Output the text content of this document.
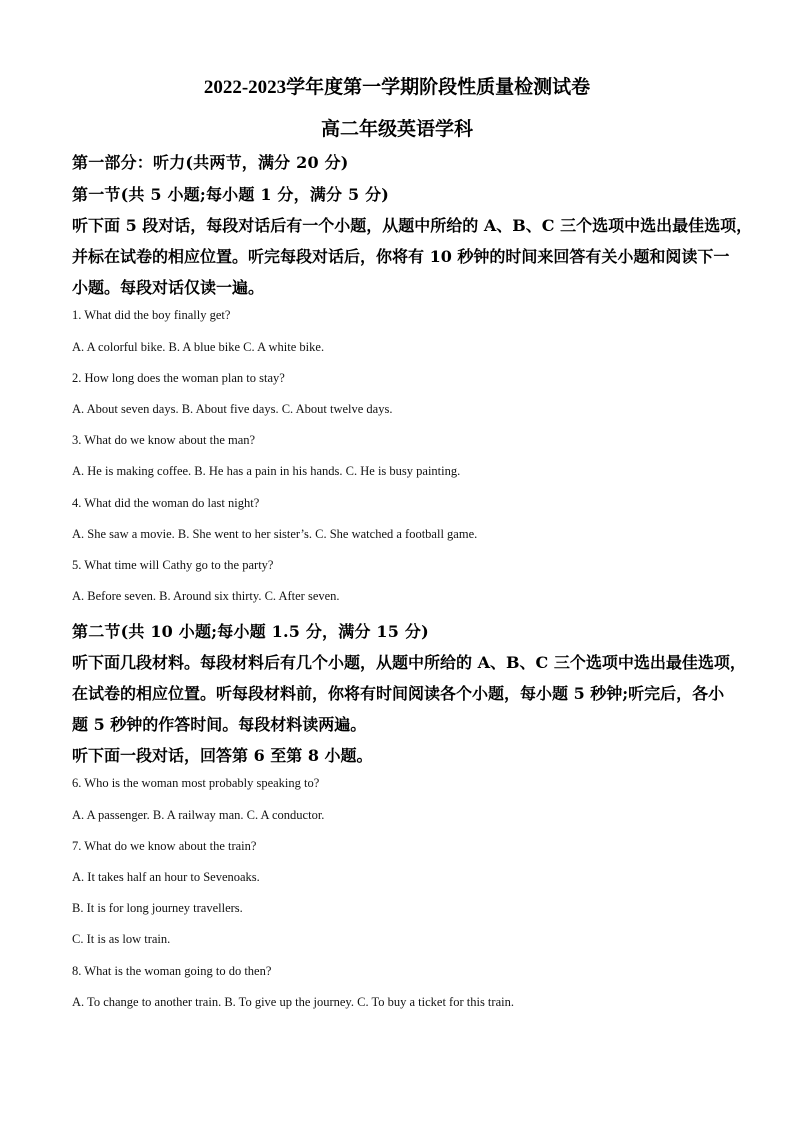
2022-2023学年度第一学期阶段性质量检测试卷
高二年级英语学科
第一部分：听力(共两节，满分 20 分)
第一节(共 5 小题;每小题 1 分，满分 5 分)
听下面 5 段对话，每段对话后有一个小题，从题中所给的 A、B、C 三个选项中选出最佳选项，
并标在试卷的相应位置。听完每段对话后，你将有 10 秒钟的时间来回答有关小题和阅读下一
小题。每段对话仅读一遍。
1. What did the boy finally get?
A. A colorful bike. B. A blue bike C. A white bike.
2. How long does the woman plan to stay?
A. About seven days. B. About five days. C. About twelve days.
3. What do we know about the man?
A. He is making coffee. B. He has a pain in his hands. C. He is busy painting.
4. What did the woman do last night?
A. She saw a movie. B. She went to her sister’s. C. She watched a football game.
5. What time will Cathy go to the party?
A. Before seven. B. Around six thirty. C. After seven.
第二节(共 10 小题;每小题 1.5 分，满分 15 分)
听下面几段材料。每段材料后有几个小题，从题中所给的 A、B、C 三个选项中选出最佳选项，
在试卷的相应位置。听每段材料前，你将有时间阅读各个小题，每小题 5 秒钟;听完后，各小
题 5 秒钟的作答时间。每段材料读两遍。
听下面一段对话，回答第 6 至第 8 小题。
6. Who is the woman most probably speaking to?
A. A passenger. B. A railway man. C. A conductor.
7. What do we know about the train?
A. It takes half an hour to Sevenoaks.
B. It is for long journey travellers.
C. It is as low train.
8. What is the woman going to do then?
A. To change to another train. B. To give up the journey. C. To buy a ticket for this train.
